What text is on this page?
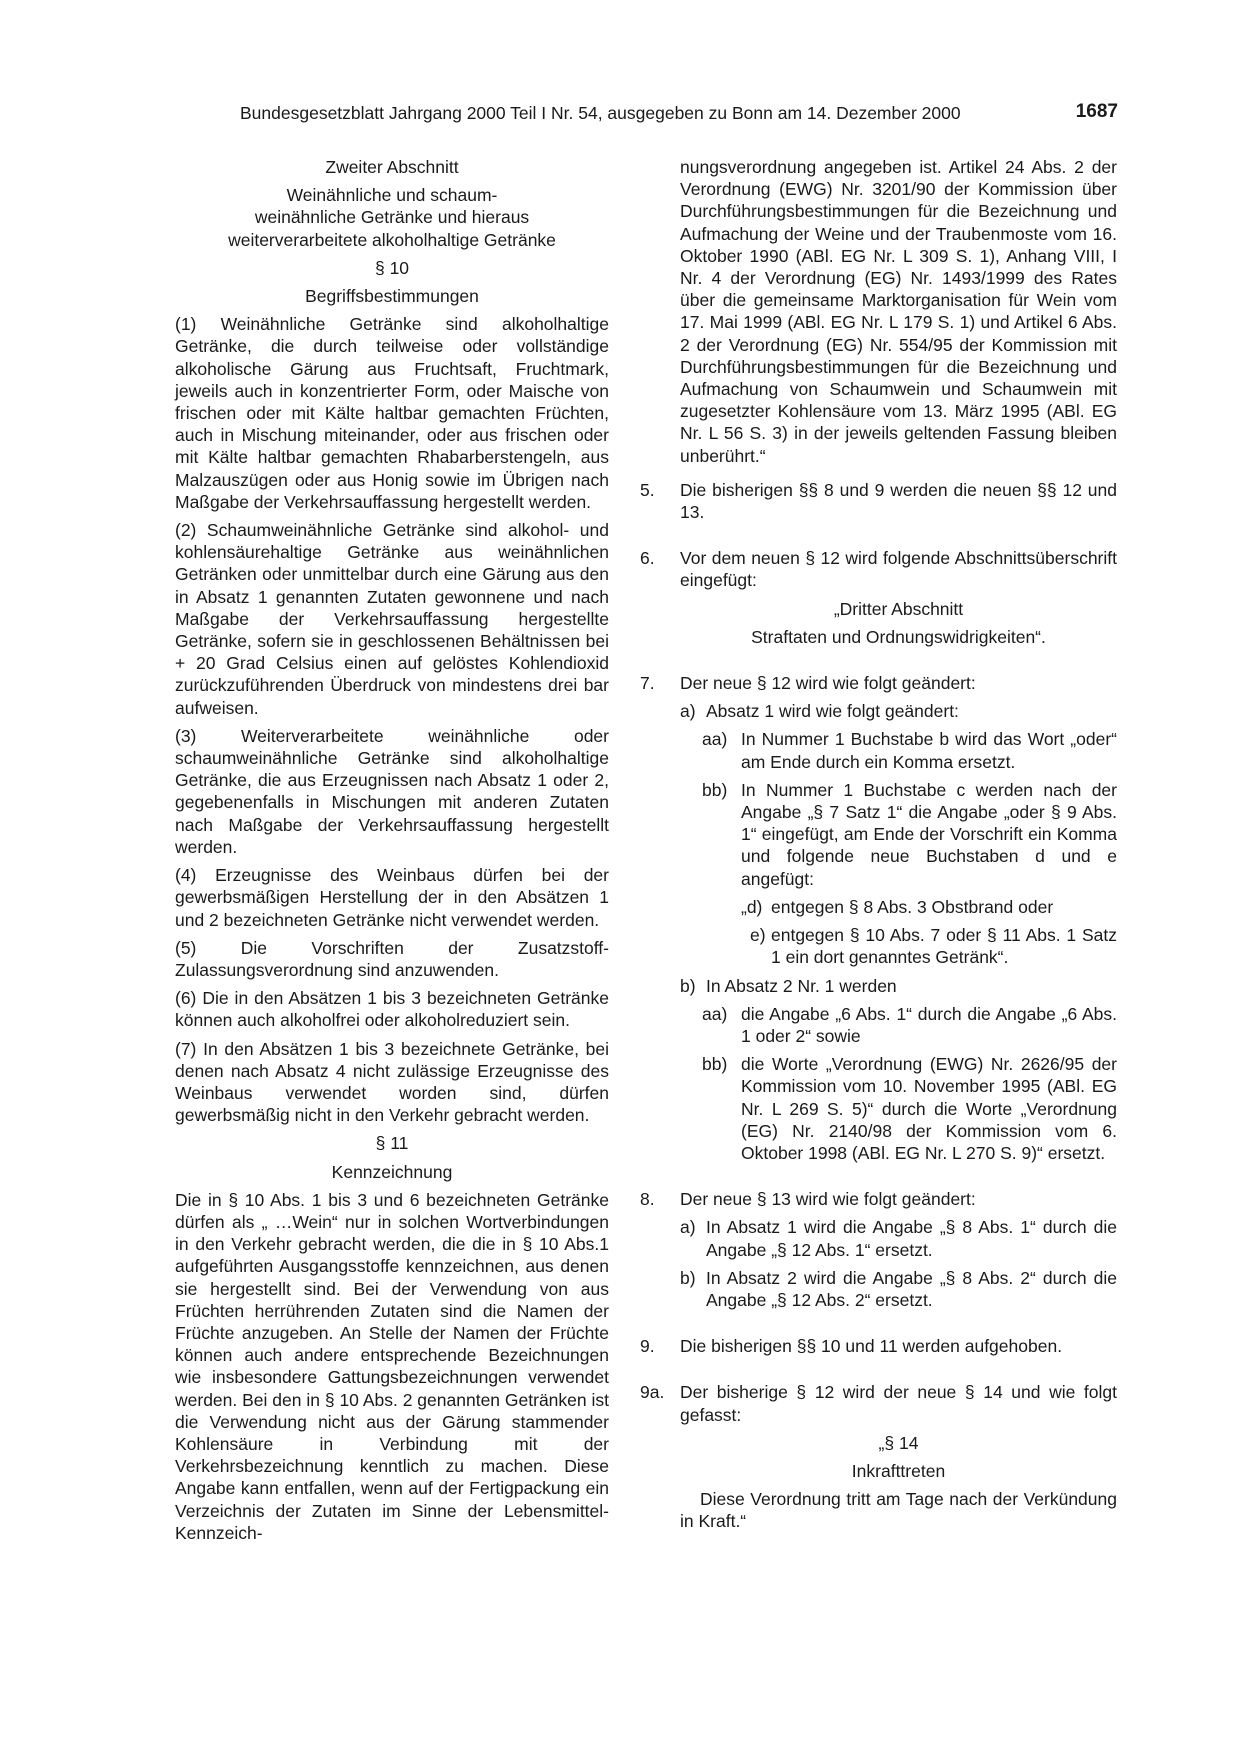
Bundesgesetzblatt Jahrgang 2000 Teil I Nr. 54, ausgegeben zu Bonn am 14. Dezember 2000	1687
Zweiter Abschnitt
Weinähnliche und schaum-
weinähnliche Getränke und hieraus
weiterverarbeitete alkoholhaltige Getränke
§ 10
Begriffsbestimmungen

(1) Weinähnliche Getränke sind alkoholhaltige Getränke, die durch teilweise oder vollständige alkoholische Gärung aus Fruchtsaft, Fruchtmark, jeweils auch in konzentrierter Form, oder Maische von frischen oder mit Kälte haltbar gemachten Früchten, auch in Mischung miteinander, oder aus frischen oder mit Kälte haltbar gemachten Rhabarberstengeln, aus Malzauszügen oder aus Honig sowie im Übrigen nach Maßgabe der Verkehrsauffassung hergestellt werden.

(2) Schaumweinähnliche Getränke sind alkohol- und kohlensäurehaltige Getränke aus weinähnlichen Getränken oder unmittelbar durch eine Gärung aus den in Absatz 1 genannten Zutaten gewonnene und nach Maßgabe der Verkehrsauffassung hergestellte Getränke, sofern sie in geschlossenen Behältnissen bei + 20 Grad Celsius einen auf gelöstes Kohlendioxid zurückzuführenden Überdruck von mindestens drei bar aufweisen.

(3) Weiterverarbeitete weinähnliche oder schaumweinähnliche Getränke sind alkoholhaltige Getränke, die aus Erzeugnissen nach Absatz 1 oder 2, gegebenenfalls in Mischungen mit anderen Zutaten nach Maßgabe der Verkehrsauffassung hergestellt werden.

(4) Erzeugnisse des Weinbaus dürfen bei der gewerbsmäßigen Herstellung der in den Absätzen 1 und 2 bezeichneten Getränke nicht verwendet werden.

(5) Die Vorschriften der Zusatzstoff-Zulassungsverordnung sind anzuwenden.

(6) Die in den Absätzen 1 bis 3 bezeichneten Getränke können auch alkoholfrei oder alkoholreduziert sein.

(7) In den Absätzen 1 bis 3 bezeichnete Getränke, bei denen nach Absatz 4 nicht zulässige Erzeugnisse des Weinbaus verwendet worden sind, dürfen gewerbsmäßig nicht in den Verkehr gebracht werden.

§ 11
Kennzeichnung

Die in § 10 Abs. 1 bis 3 und 6 bezeichneten Getränke dürfen als „ …Wein“ nur in solchen Wortverbindungen in den Verkehr gebracht werden, die die in § 10 Abs.1 aufgeführten Ausgangsstoffe kennzeichnen, aus denen sie hergestellt sind. Bei der Verwendung von aus Früchten herrührenden Zutaten sind die Namen der Früchte anzugeben. An Stelle der Namen der Früchte können auch andere entsprechende Bezeichnungen wie insbesondere Gattungsbezeichnungen verwendet werden. Bei den in § 10 Abs. 2 genannten Getränken ist die Verwendung nicht aus der Gärung stammender Kohlensäure in Verbindung mit der Verkehrsbezeichnung kenntlich zu machen. Diese Angabe kann entfallen, wenn auf der Fertigpackung ein Verzeichnis der Zutaten im Sinne der Lebensmittel-Kennzeich-

nungsverordnung angegeben ist. Artikel 24 Abs. 2 der Verordnung (EWG) Nr. 3201/90 der Kommission über Durchführungsbestimmungen für die Bezeichnung und Aufmachung der Weine und der Traubenmoste vom 16. Oktober 1990 (ABl. EG Nr. L 309 S. 1), Anhang VIII, I Nr. 4 der Verordnung (EG) Nr. 1493/1999 des Rates über die gemeinsame Marktorganisation für Wein vom 17. Mai 1999 (ABl. EG Nr. L 179 S. 1) und Artikel 6 Abs. 2 der Verordnung (EG) Nr. 554/95 der Kommission mit Durchführungsbestimmungen für die Bezeichnung und Aufmachung von Schaumwein und Schaumwein mit zugesetzter Kohlensäure vom 13. März 1995 (ABl. EG Nr. L 56 S. 3) in der jeweils geltenden Fassung bleiben unberührt.“

5. Die bisherigen §§ 8 und 9 werden die neuen §§ 12 und 13.
6. Vor dem neuen § 12 wird folgende Abschnittsüberschrift eingefügt:
„Dritter Abschnitt
Straftaten und Ordnungswidrigkeiten“.
7. Der neue § 12 wird wie folgt geändert:
a) Absatz 1 wird wie folgt geändert:
aa) In Nummer 1 Buchstabe b wird das Wort „oder“ am Ende durch ein Komma ersetzt.
bb) In Nummer 1 Buchstabe c werden nach der Angabe „§ 7 Satz 1“ die Angabe „oder § 9 Abs. 1“ eingefügt, am Ende der Vorschrift ein Komma und folgende neue Buchstaben d und e angefügt:
„d) entgegen § 8 Abs. 3 Obstbrand oder
e) entgegen § 10 Abs. 7 oder § 11 Abs. 1 Satz 1 ein dort genanntes Getränk“.
b) In Absatz 2 Nr. 1 werden
aa) die Angabe „6 Abs. 1“ durch die Angabe „6 Abs. 1 oder 2“ sowie
bb) die Worte „Verordnung (EWG) Nr. 2626/95 der Kommission vom 10. November 1995 (ABl. EG Nr. L 269 S. 5)“ durch die Worte „Verordnung (EG) Nr. 2140/98 der Kommission vom 6. Oktober 1998 (ABl. EG Nr. L 270 S. 9)“ ersetzt.
8. Der neue § 13 wird wie folgt geändert:
a) In Absatz 1 wird die Angabe „§ 8 Abs. 1“ durch die Angabe „§ 12 Abs. 1“ ersetzt.
b) In Absatz 2 wird die Angabe „§ 8 Abs. 2“ durch die Angabe „§ 12 Abs. 2“ ersetzt.
9. Die bisherigen §§ 10 und 11 werden aufgehoben.
9a. Der bisherige § 12 wird der neue § 14 und wie folgt gefasst:
„§ 14
Inkrafttreten

Diese Verordnung tritt am Tage nach der Verkündung in Kraft.“
